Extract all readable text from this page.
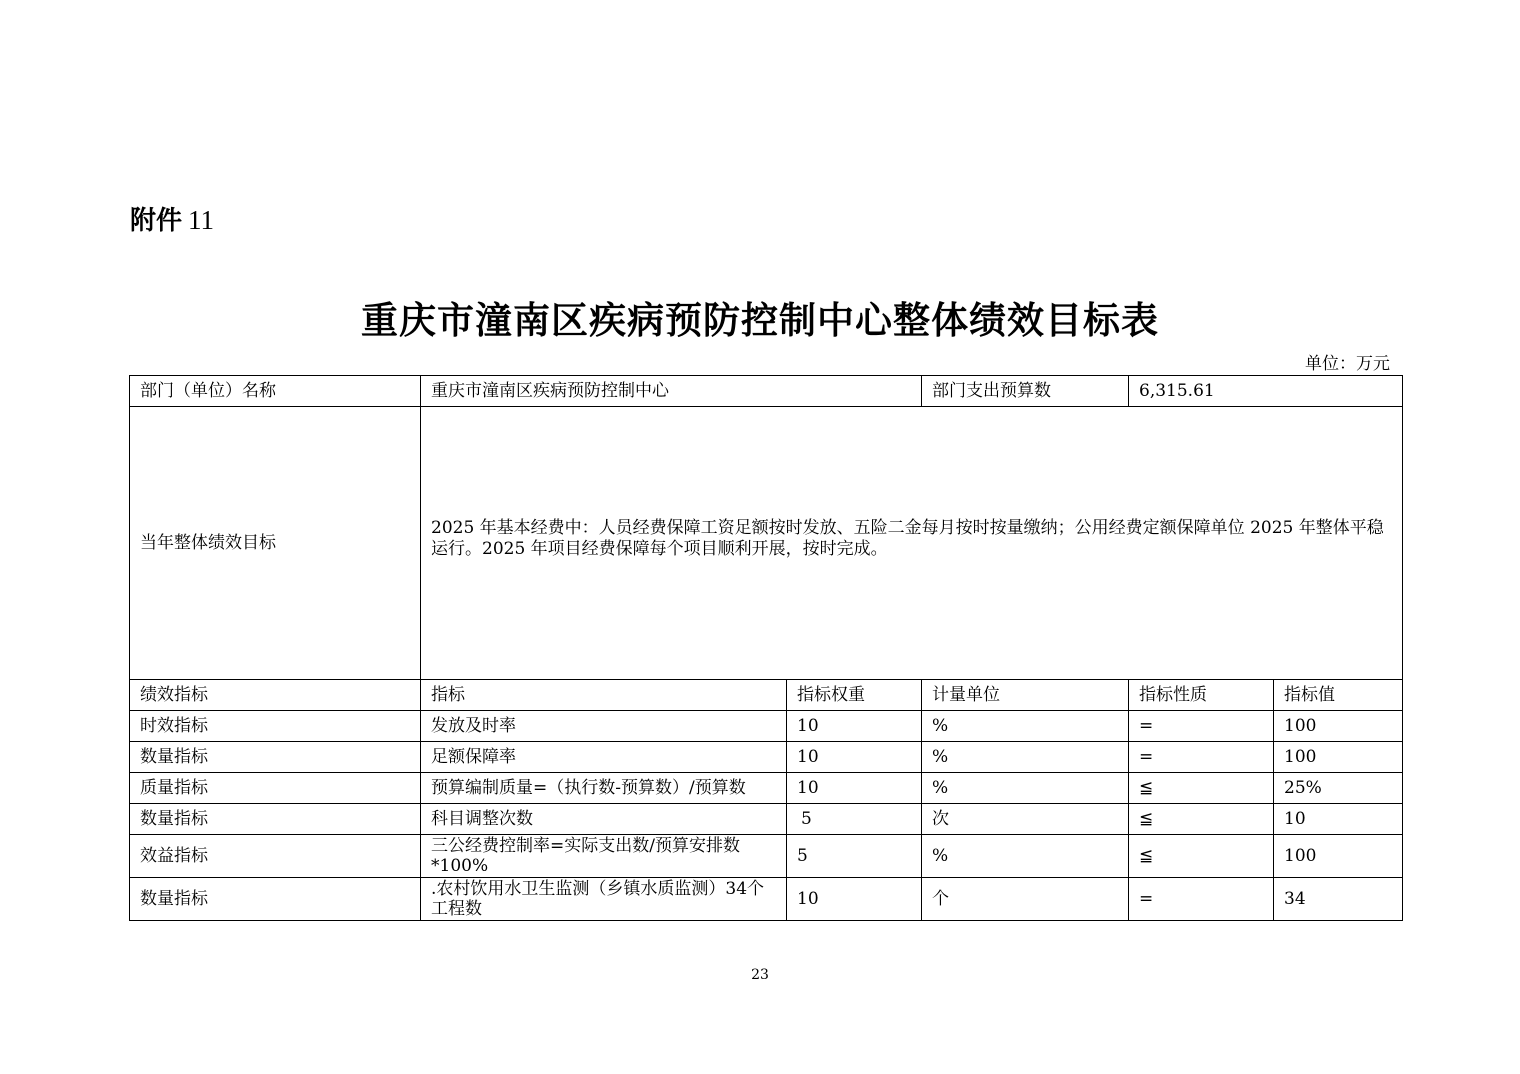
附件 11
重庆市潼南区疾病预防控制中心整体绩效目标表
单位：万元
部门（单位）名称	重庆市潼南区疾病预防控制中心		部门支出预算数	6,315.61	
当年整体绩效目标	2025 年基本经费中：人员经费保障工资足额按时发放、五险二金每月按时按量缴纳；公用经费定额保障单位 2025 年整体平稳运行。2025 年项目经费保障每个项目顺利开展，按时完成。				

绩效指标	指标	指标权重	计量单位	指标性质	指标值
时效指标	发放及时率	10	%	=	100
数量指标	足额保障率	10	%	=	100
质量指标	预算编制质量=（执行数-预算数）/预算数	10	%	≦	25%
数量指标	科目调整次数	5	次	≦	10
效益指标	三公经费控制率=实际支出数/预算安排数*100%	5	%	≦	100
数量指标	.农村饮用水卫生监测（乡镇水质监测）34个工程数	10	个	=	34
23
